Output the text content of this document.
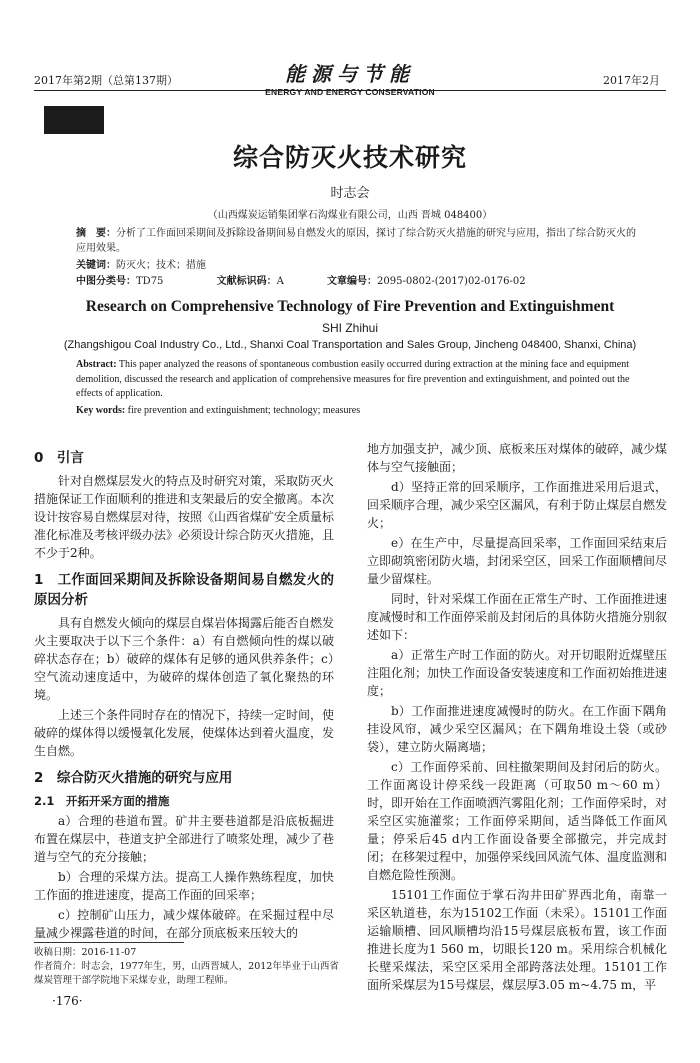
2017年第2期（总第137期）	能源与节能
ENERGY AND ENERGY CONSERVATION
2017年2月
综合防灭火技术研究
时志会
（山西煤炭运销集团掌石沟煤业有限公司，山西 晋城 048400）
摘　要：分析了工作面回采期间及拆除设备期间易自燃发火的原因，探讨了综合防灭火措施的研究与应用，指出了综合防灭火的应用效果。
关键词：防灭火；技术；措施
中图分类号：TD75	文献标识码：A	文章编号：2095-0802-(2017)02-0176-02
Research on Comprehensive Technology of Fire Prevention and Extinguishment
SHI Zhihui
(Zhangshigou Coal Industry Co., Ltd., Shanxi Coal Transportation and Sales Group, Jincheng 048400, Shanxi, China)
Abstract: This paper analyzed the reasons of spontaneous combustion easily occurred during extraction at the mining face and equipment demolition, discussed the research and application of comprehensive measures for fire prevention and extinguishment, and pointed out the effects of application.
Key words: fire prevention and extinguishment; technology; measures
0　引言

针对自燃煤层发火的特点及时研究对策，采取防灭火措施保证工作面顺利的推进和支架最后的安全撤离。本次设计按容易自燃煤层对待，按照《山西省煤矿安全质量标准化标准及考核评级办法》必须设计综合防灭火措施，且不少于2种。

1　工作面回采期间及拆除设备期间易自燃发火的原因分析

具有自燃发火倾向的煤层自煤岩体揭露后能否自燃发火主要取决于以下三个条件：a）有自燃倾向性的煤以破碎状态存在；b）破碎的煤体有足够的通风供养条件；c）空气流动速度适中，为破碎的煤体创造了氧化聚热的环境。

上述三个条件同时存在的情况下，持续一定时间，使破碎的煤体得以缓慢氧化发展，使煤体达到着火温度，发生自燃。

2　综合防灭火措施的研究与应用
2.1　开拓开采方面的措施

a）合理的巷道布置。矿井主要巷道都是沿底板掘进布置在煤层中，巷道支护全部进行了喷浆处理，减少了巷道与空气的充分接触；

b）合理的采煤方法。提高工人操作熟练程度，加快工作面的推进速度，提高工作面的回采率；

c）控制矿山压力，减少煤体破碎。在采掘过程中尽量减少裸露巷道的时间，在部分顶底板来压较大的

地方加强支护，减少顶、底板来压对煤体的破碎，减少煤体与空气接触面；

d）坚持正常的回采顺序，工作面推进采用后退式，回采顺序合理，减少采空区漏风，有利于防止煤层自燃发火；

e）在生产中，尽量提高回采率，工作面回采结束后立即砌筑密闭防火墙，封闭采空区，回采工作面顺槽间尽量少留煤柱。

同时，针对采煤工作面在正常生产时、工作面推进速度减慢时和工作面停采前及封闭后的具体防火措施分别叙述如下：

a）正常生产时工作面的防火。对开切眼附近煤壁压注阻化剂；加快工作面设备安装速度和工作面初始推进速度；

b）工作面推进速度减慢时的防火。在工作面下隅角挂设风帘，减少采空区漏风；在下隅角堆设土袋（或砂袋），建立防火隔离墙；

c）工作面停采前、回柱撤架期间及封闭后的防火。工作面离设计停采线一段距离（可取50 m～60 m）时，即开始在工作面喷洒汽雾阻化剂；工作面停采时，对采空区实施灌浆；工作面停采期间，适当降低工作面风量；停采后45 d内工作面设备要全部撤完，并完成封闭；在移架过程中，加强停采线回风流气体、温度监测和自燃危险性预测。

15101工作面位于掌石沟井田矿界西北角，南靠一采区轨道巷，东为15102工作面（未采）。15101工作面运输顺槽、回风顺槽均沿15号煤层底板布置，该工作面推进长度为1 560 m，切眼长120 m。采用综合机械化长壁采煤法，采空区采用全部跨落法处理。15101工作面所采煤层为15号煤层，煤层厚3.05 m~4.75 m，平

收稿日期：2016-11-07
作者简介：时志会，1977年生，男，山西晋城人，2012年毕业于山西省煤炭管理干部学院地下采煤专业，助理工程师。
·176·
